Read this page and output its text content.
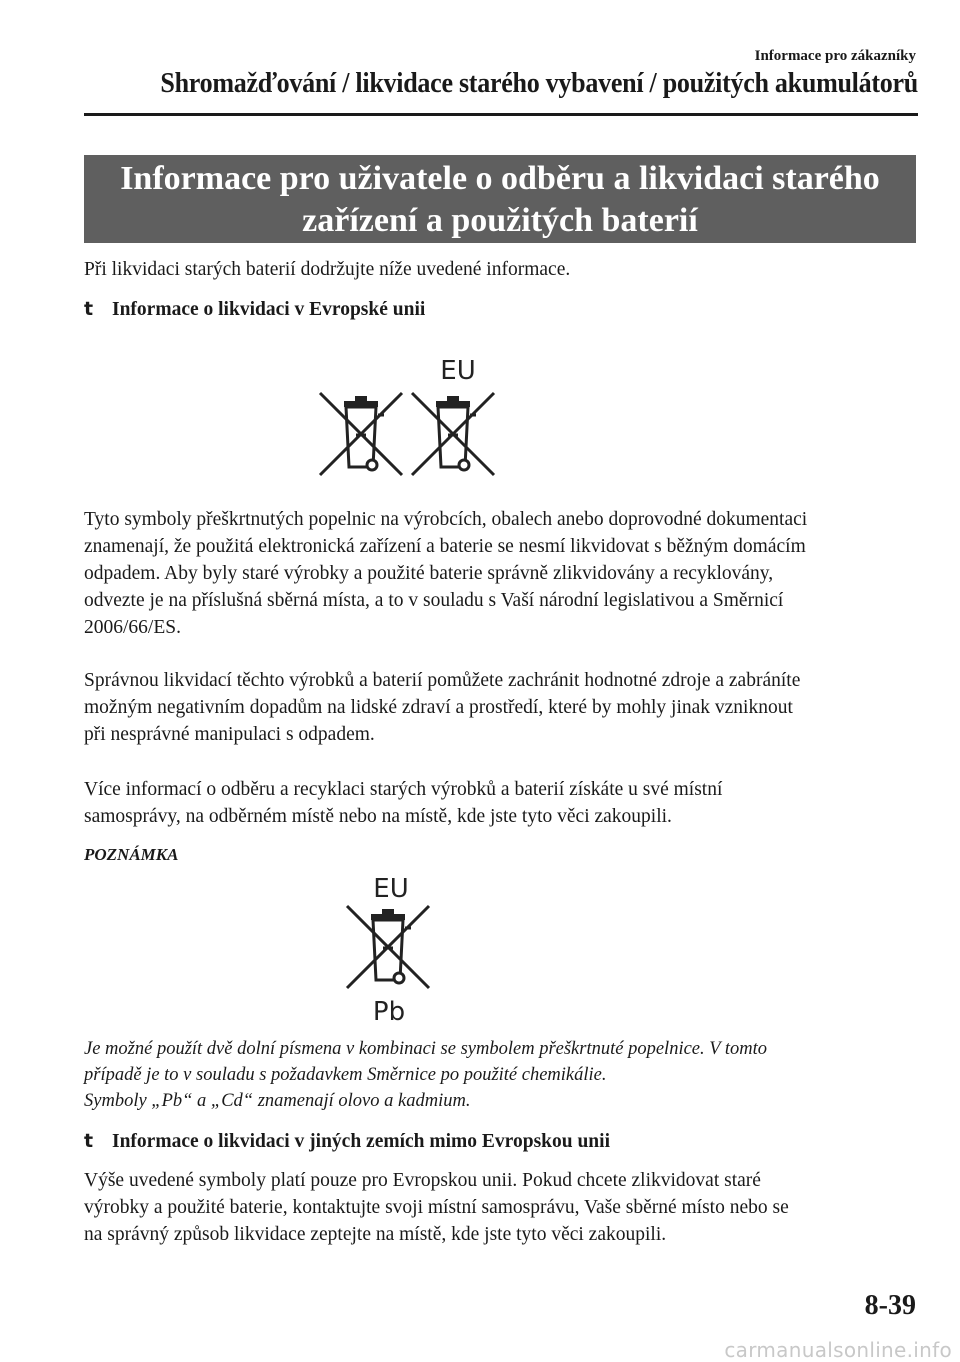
Informace pro zákazníky
Shromažďování / likvidace starého vybavení / použitých akumulátorů
Informace pro uživatele o odběru a likvidaci starého
zařízení a použitých baterií

Při likvidaci starých baterií dodržujte níže uvedené informace.

t Informace o likvidaci v Evropské unii
EU

Tyto symboly přeškrtnutých popelnic na výrobcích, obalech anebo doprovodné dokumentaci
znamenají, že použitá elektronická zařízení a baterie se nesmí likvidovat s běžným domácím
odpadem. Aby byly staré výrobky a použité baterie správně zlikvidovány a recyklovány,
odvezte je na příslušná sběrná místa, a to v souladu s Vaší národní legislativou a Směrnicí
2006/66/ES.

Správnou likvidací těchto výrobků a baterií pomůžete zachránit hodnotné zdroje a zabráníte
možným negativním dopadům na lidské zdraví a prostředí, které by mohly jinak vzniknout
při nesprávné manipulaci s odpadem.

Více informací o odběru a recyklaci starých výrobků a baterií získáte u své místní
samosprávy, na odběrném místě nebo na místě, kde jste tyto věci zakoupili.

POZNÁMKA
EU
Pb

Je možné použít dvě dolní písmena v kombinaci se symbolem přeškrtnuté popelnice. V tomto
případě je to v souladu s požadavkem Směrnice po použité chemikálie.
Symboly „Pb“ a „Cd“ znamenají olovo a kadmium.

t Informace o likvidaci v jiných zemích mimo Evropskou unii

Výše uvedené symboly platí pouze pro Evropskou unii. Pokud chcete zlikvidovat staré
výrobky a použité baterie, kontaktujte svoji místní samosprávu, Vaše sběrné místo nebo se
na správný způsob likvidace zeptejte na místě, kde jste tyto věci zakoupili.

8-39
carmanualsonline.info
